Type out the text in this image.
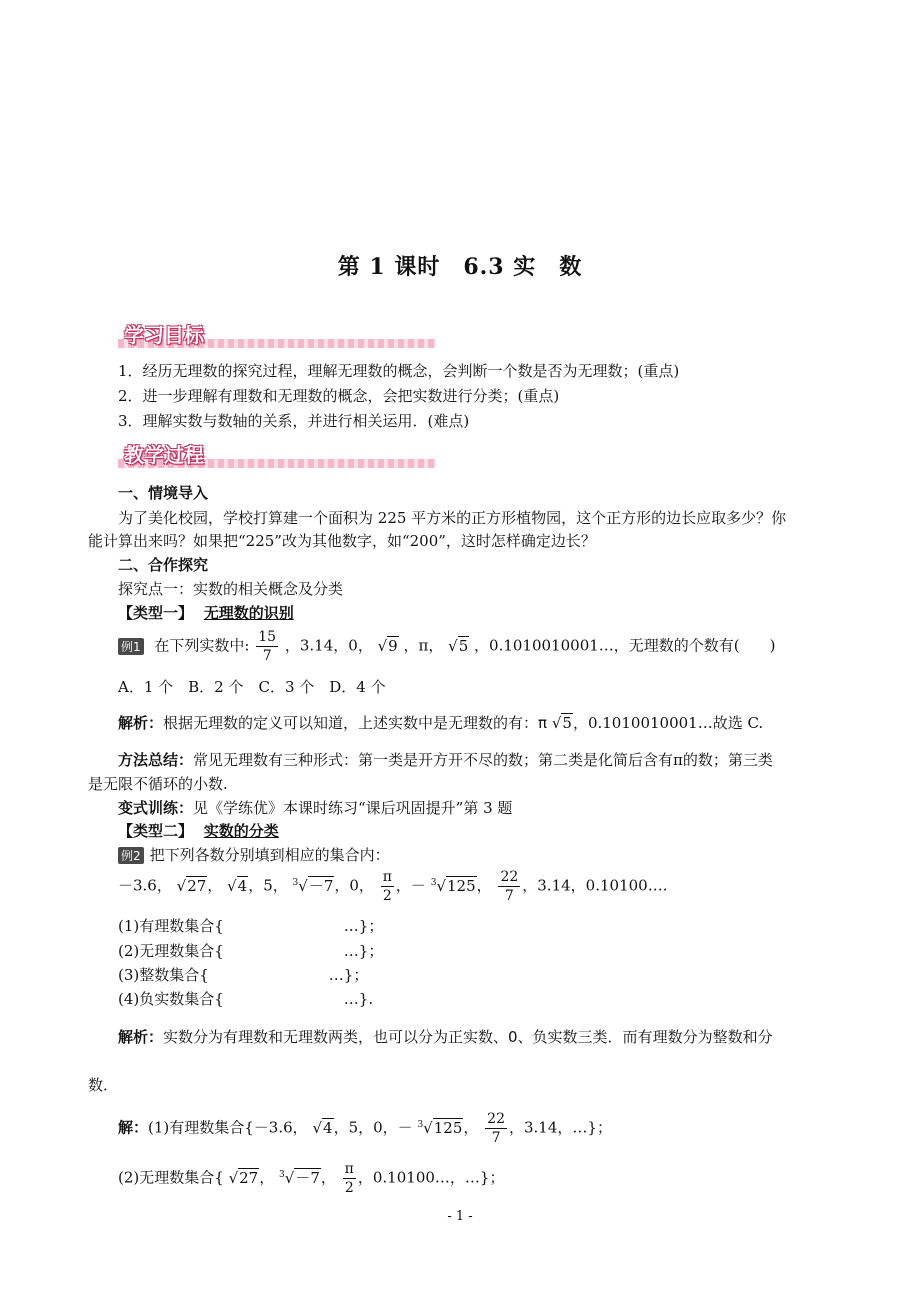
第 1 课时　6.3 实　数
学习目标
1．经历无理数的探究过程，理解无理数的概念，会判断一个数是否为无理数；(重点)
2．进一步理解有理数和无理数的概念，会把实数进行分类；(重点)
3．理解实数与数轴的关系，并进行相关运用．(难点)
教学过程
一、情境导入
为了美化校园，学校打算建一个面积为 225 平方米的正方形植物园，这个正方形的边长应取多少？你
能计算出来吗？如果把“225”改为其他数字，如“200”，这时怎样确定边长？
二、合作探究
探究点一：实数的相关概念及分类
【类型一】 无理数的识别
例1 在下列实数中: $\frac{15}{7}$ ，3.14，0， √9 ，π， √5 ，0.1010010001…，无理数的个数有(　　)
A．1 个　B．2 个　C．3 个　D．4 个
解析：根据无理数的定义可以知道，上述实数中是无理数的有：π √5，0.1010010001…故选 C.
方法总结：常见无理数有三种形式：第一类是开方开不尽的数；第二类是化简后含有π的数；第三类
是无限不循环的小数.
变式训练：见《学练优》本课时练习“课后巩固提升”第 3 题
【类型二】 实数的分类
例2 把下列各数分别填到相应的集合内：
－3.6， √27， √4，5， $^3$√－7，0， $\frac{\pi}{2}$ ，－ $^3$√125， $\frac{22}{7}$ ，3.14，0.10100….
(1)有理数集合{　　　　　　　　…}；
(2)无理数集合{　　　　　　　　…}；
(3)整数集合{　　　　　　　　…}；
(4)负实数集合{　　　　　　　　…}.
解析：实数分为有理数和无理数两类，也可以分为正实数、0、负实数三类．而有理数分为整数和分
数．
解：(1)有理数集合{－3.6， √4，5，0，－ $^3$√125， $\frac{22}{7}$ ，3.14，…}；
(2)无理数集合{ √27， $^3$√－7， $\frac{\pi}{2}$ ，0.10100…，…}；
- 1 -
